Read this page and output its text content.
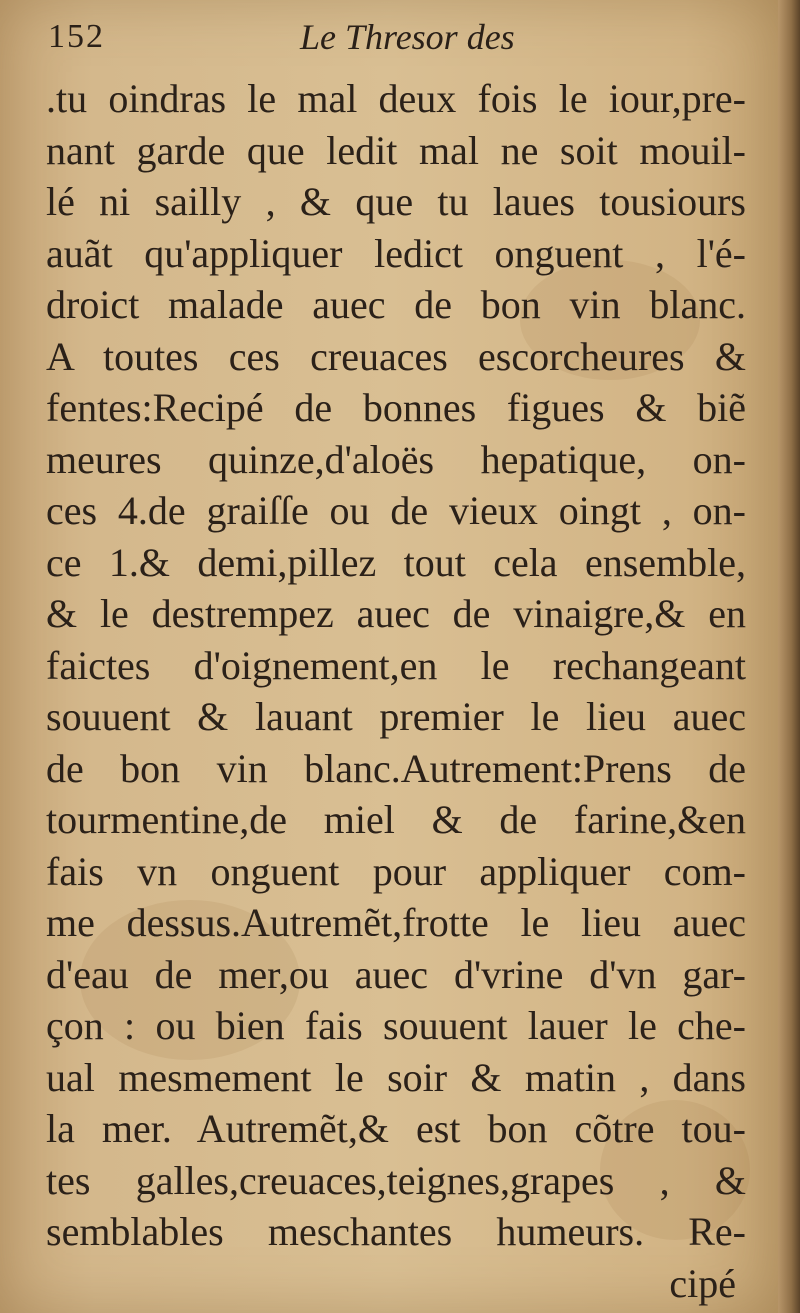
152	Le Thresor des
.tu oindras le mal deux fois le iour,pre-
nant garde que ledit mal ne soit mouil-
lé ni sailly , & que tu laues tousiours
auãt qu'appliquer ledict onguent , l'é-
droict malade auec de bon vin blanc.
A toutes ces creuaces escorcheures &
fentes:Recipé de bonnes figues & biẽ
meures quinze,d'aloës hepatique, on-
ces 4.de graiſſe ou de vieux oingt , on-
ce 1.& demi,pillez tout cela ensemble,
& le destrempez auec de vinaigre,& en
faictes d'oignement,en le rechangeant
souuent & lauant premier le lieu auec
de bon vin blanc.Autrement:Prens de
tourmentine,de miel & de farine,&en
fais vn onguent pour appliquer com-
me dessus.Autremẽt,frotte le lieu auec
d'eau de mer,ou auec d'vrine d'vn gar-
çon : ou bien fais souuent lauer le che-
ual mesmement le soir & matin , dans
la mer. Autremẽt,& est bon cõtre tou-
tes galles,creuaces,teignes,grapes , &
semblables meschantes humeurs. Re-
cipé
